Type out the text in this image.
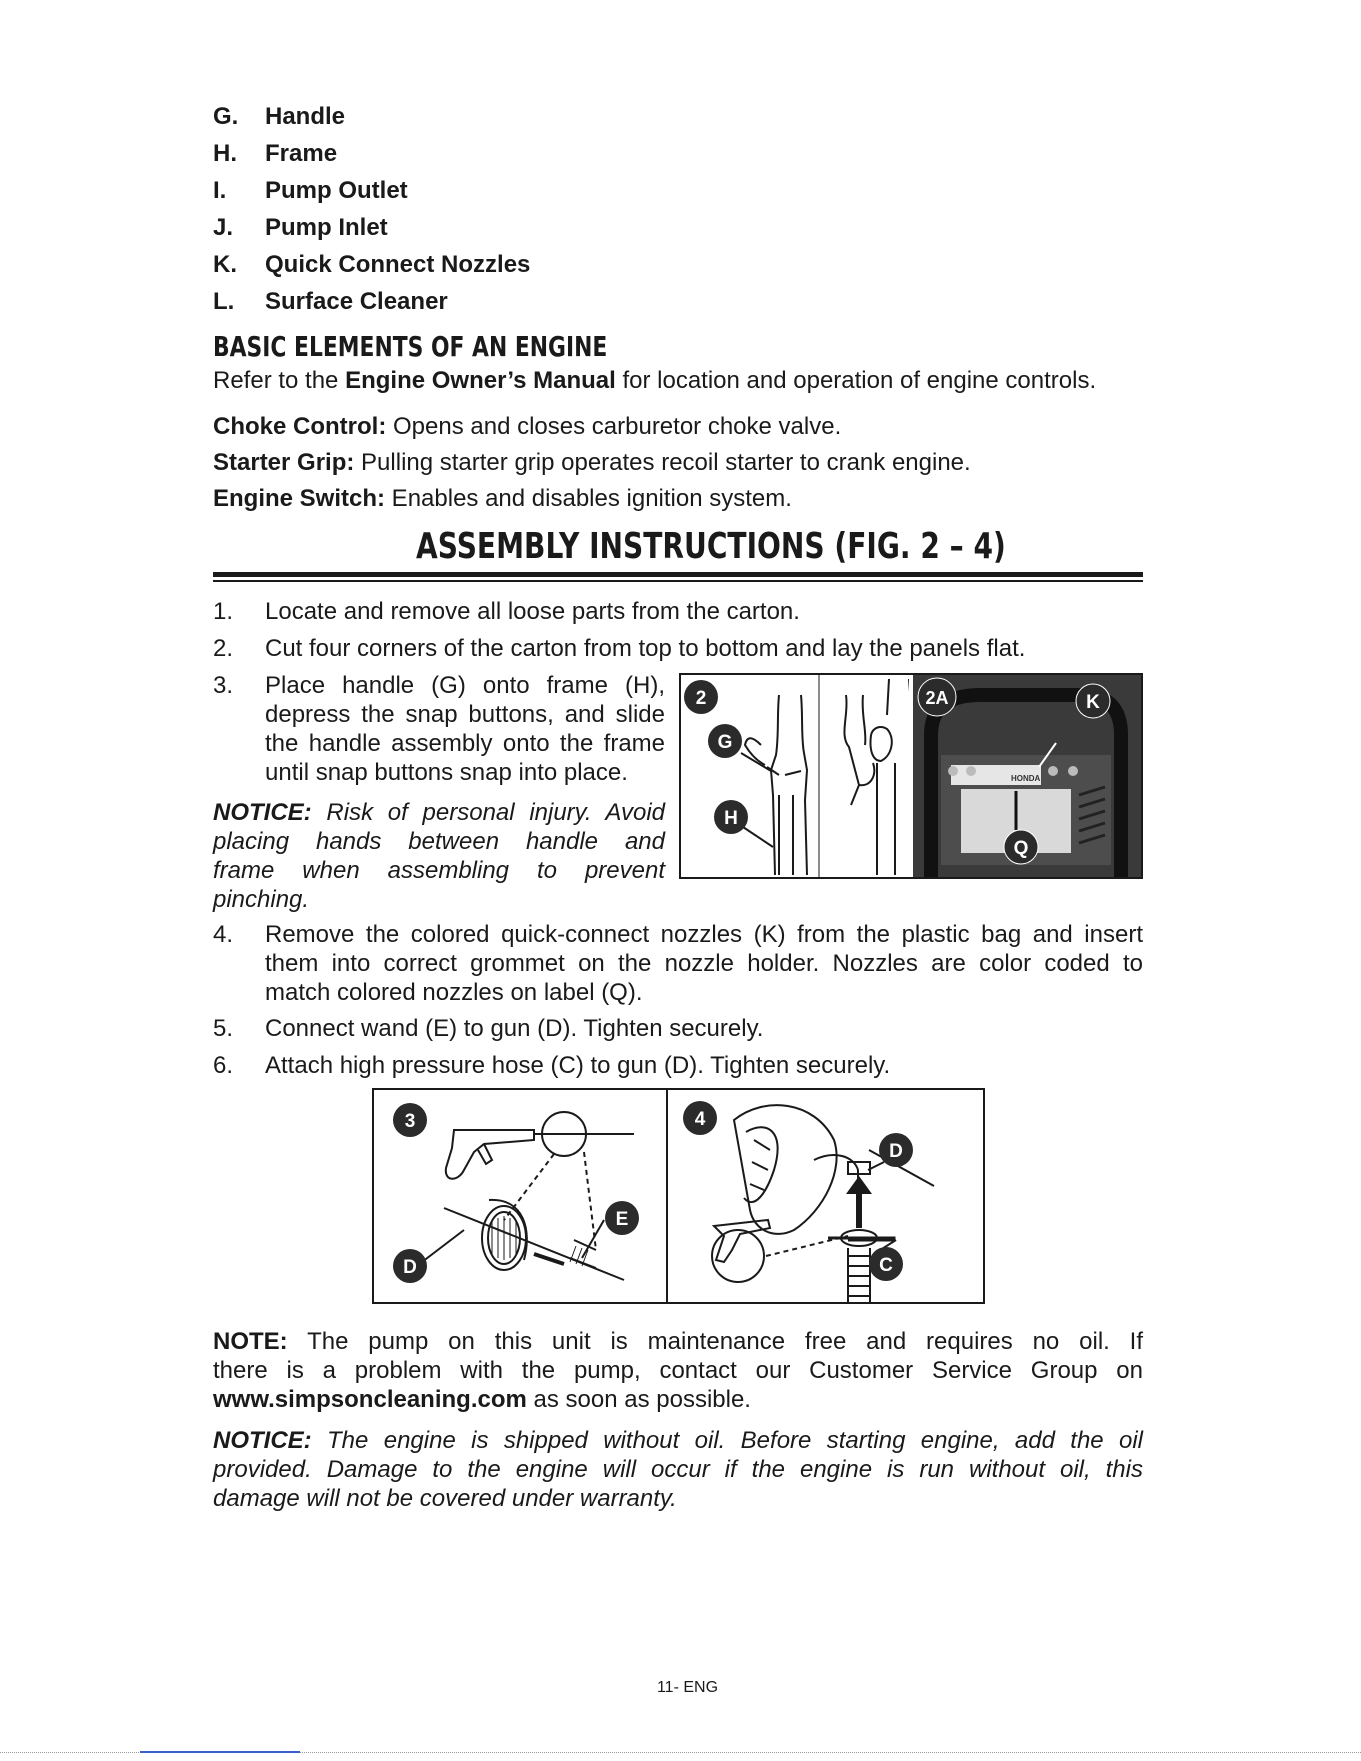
G. Handle
H. Frame
I. Pump Outlet
J. Pump Inlet
K. Quick Connect Nozzles
L. Surface Cleaner
BASIC ELEMENTS OF AN ENGINE
Refer to the Engine Owner’s Manual for location and operation of engine controls.
Choke Control: Opens and closes carburetor choke valve.
Starter Grip: Pulling starter grip operates recoil starter to crank engine.
Engine Switch: Enables and disables ignition system.
ASSEMBLY INSTRUCTIONS (FIG. 2 – 4)
1. Locate and remove all loose parts from the carton.
2. Cut four corners of the carton from top to bottom and lay the panels flat.
3. Place handle (G) onto frame (H),
depress the snap buttons, and slide
the handle assembly onto the frame
until snap buttons snap into place.
NOTICE: Risk of personal injury. Avoid
placing hands between handle and
frame when assembling to prevent
pinching.
HONDA
2
G
H
2A	K
Q
4. Remove the colored quick-connect nozzles (K) from the plastic bag and insert
them into correct grommet on the nozzle holder. Nozzles are color coded to
match colored nozzles on label (Q).
5. Connect wand (E) to gun (D). Tighten securely.
6. Attach high pressure hose (C) to gun (D). Tighten securely.
3
E
D
4
D
C
NOTE: The pump on this unit is maintenance free and requires no oil. If
there is a problem with the pump, contact our Customer Service Group on
www.simpsoncleaning.com as soon as possible.
NOTICE: The engine is shipped without oil. Before starting engine, add the oil
provided. Damage to the engine will occur if the engine is run without oil, this
damage will not be covered under warranty.
11- ENG
